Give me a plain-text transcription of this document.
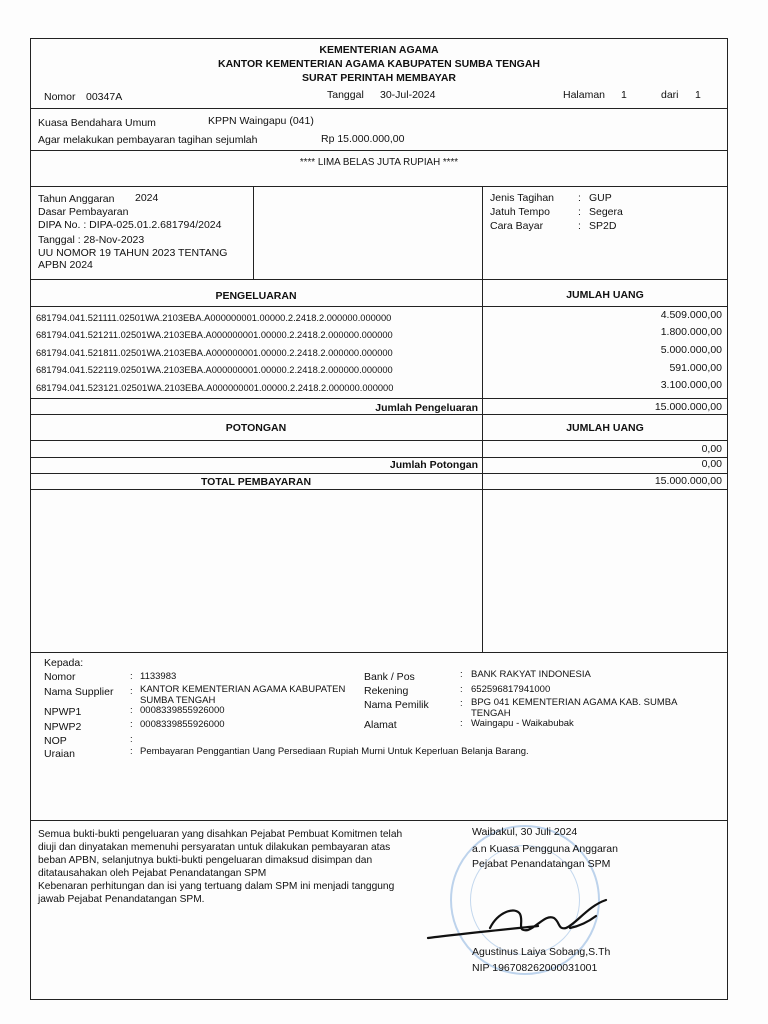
KEMENTERIAN AGAMA
KANTOR KEMENTERIAN AGAMA KABUPATEN SUMBA TENGAH
SURAT PERINTAH MEMBAYAR
Nomor 00347A	Tanggal 30-Jul-2024	Halaman 1	dari 1
Kuasa Bendahara Umum	KPPN Waingapu (041)
Agar melakukan pembayaran tagihan sejumlah	Rp 15.000.000,00
**** LIMA BELAS JUTA RUPIAH ****
Tahun Anggaran 2024
Dasar Pembayaran
DIPA No. : DIPA-025.01.2.681794/2024
Tanggal : 28-Nov-2023
UU NOMOR 19 TAHUN 2023 TENTANG
APBN 2024
Jenis Tagihan : GUP
Jatuh Tempo	: Segera
Cara Bayar	: SP2D
PENGELUARAN	JUMLAH UANG
681794.041.521111.02501WA.2103EBA.A000000001.00000.2.2418.2.000000.000000	4.509.000,00
681794.041.521211.02501WA.2103EBA.A000000001.00000.2.2418.2.000000.000000	1.800.000,00
681794.041.521811.02501WA.2103EBA.A000000001.00000.2.2418.2.000000.000000	5.000.000,00
681794.041.522119.02501WA.2103EBA.A000000001.00000.2.2418.2.000000.000000	591.000,00
681794.041.523121.02501WA.2103EBA.A000000001.00000.2.2418.2.000000.000000	3.100.000,00
Jumlah Pengeluaran	15.000.000,00
POTONGAN	JUMLAH UANG
0,00
Jumlah Potongan	0,00
TOTAL PEMBAYARAN	15.000.000,00
Kepada:
Nomor	: 1133983
Nama Supplier : KANTOR KEMENTERIAN AGAMA KABUPATEN
SUMBA TENGAH
NPWP1	: 0008339855926000
NPWP2	: 0008339855926000
NOP	:
Uraian	: Pembayaran Penggantian Uang Persediaan Rupiah Murni Untuk Keperluan Belanja Barang.
Bank / Pos	: BANK RAKYAT INDONESIA
Rekening	: 652596817941000
Nama Pemilik	: BPG 041 KEMENTERIAN AGAMA KAB. SUMBA
TENGAH
Alamat	: Waingapu - Waikabubak
Semua bukti-bukti pengeluaran yang disahkan Pejabat Pembuat Komitmen telah
diuji dan dinyatakan memenuhi persyaratan untuk dilakukan pembayaran atas
beban APBN, selanjutnya bukti-bukti pengeluaran dimaksud disimpan dan
ditatausahakan oleh Pejabat Penandatangan SPM
Kebenaran perhitungan dan isi yang tertuang dalam SPM ini menjadi tanggung
jawab Pejabat Penandatangan SPM.
Waibakul, 30 Juli 2024
a.n Kuasa Pengguna Anggaran
Pejabat Penandatangan SPM
Agustinus Laiya Sobang,S.Th
NIP 196708262000031001
